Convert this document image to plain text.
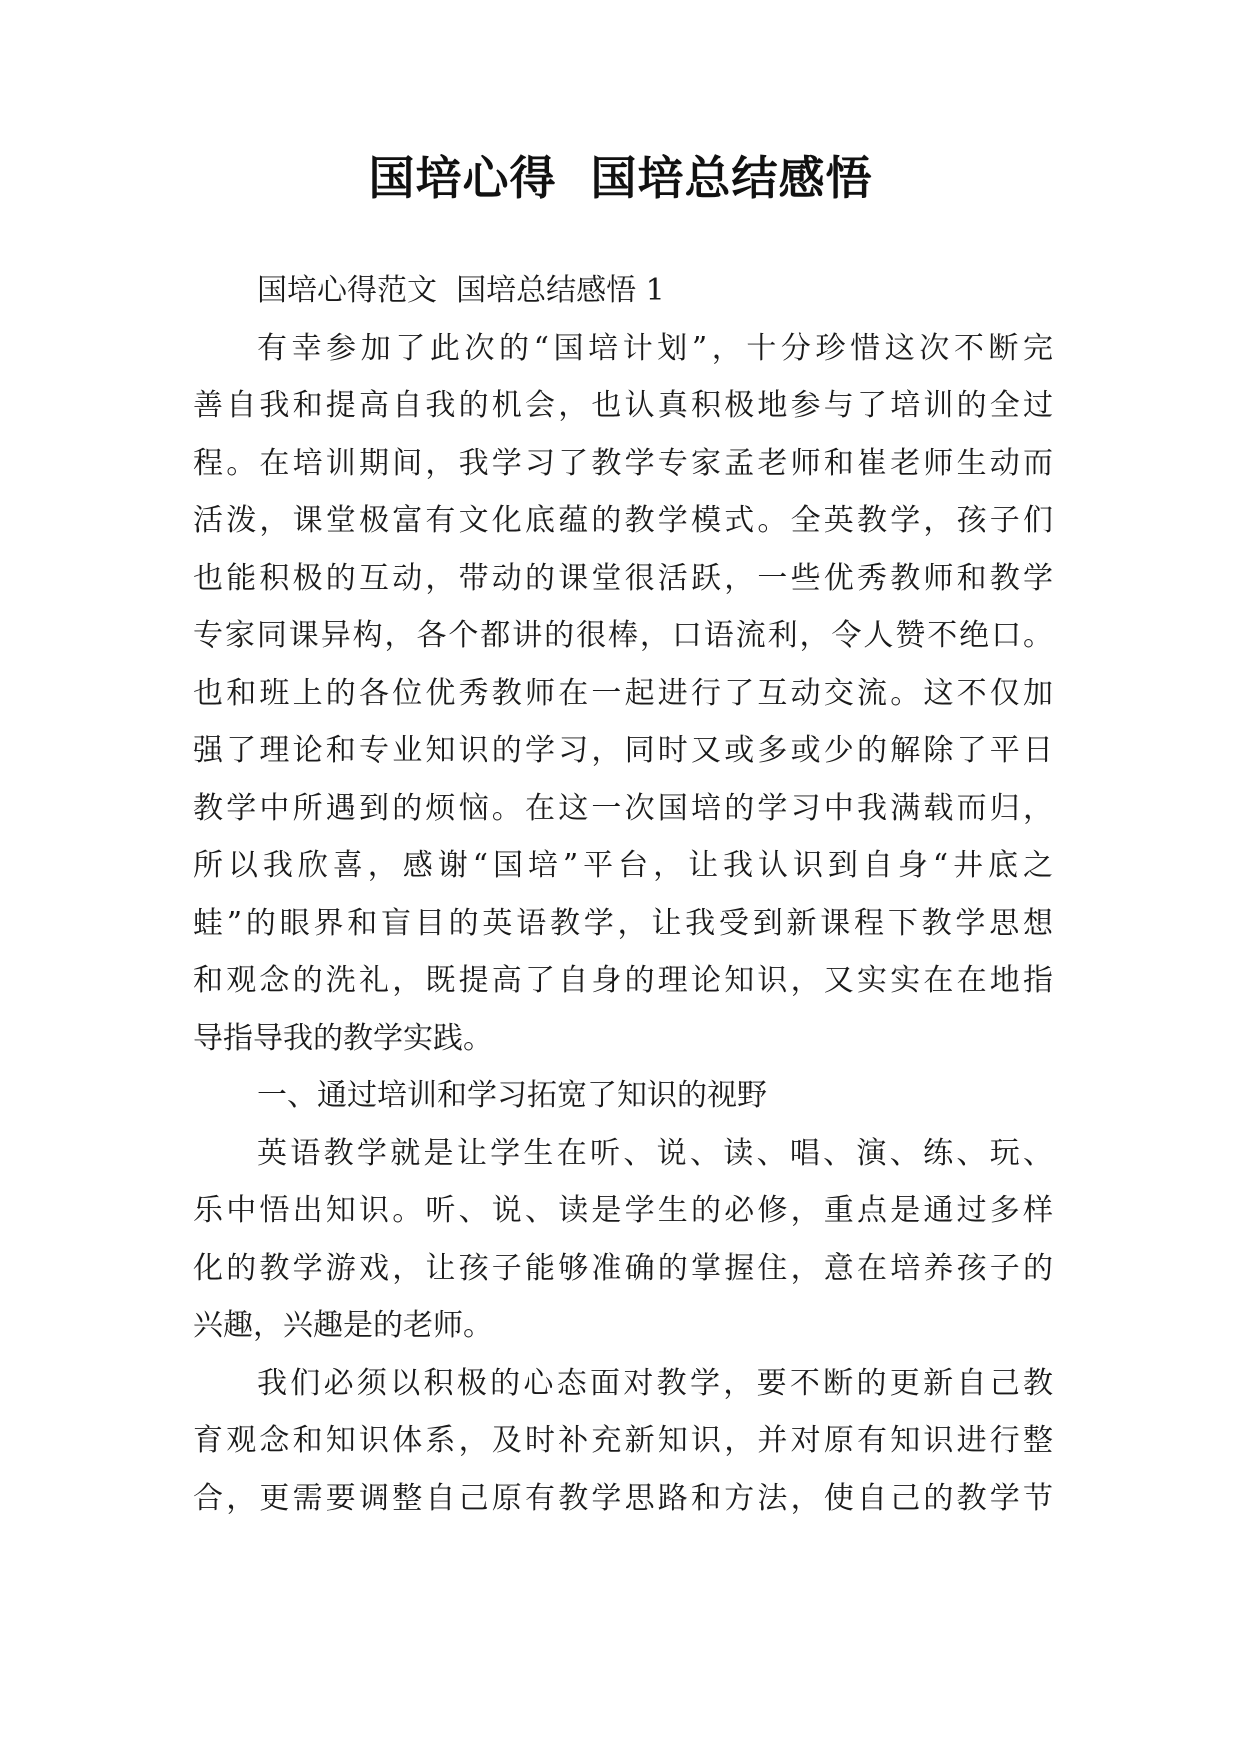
国培心得  国培总结感悟
国培心得范文  国培总结感悟 1
有幸参加了此次的“国培计划”，十分珍惜这次不断完
善自我和提高自我的机会，也认真积极地参与了培训的全过
程。在培训期间，我学习了教学专家孟老师和崔老师生动而
活泼，课堂极富有文化底蕴的教学模式。全英教学，孩子们
也能积极的互动，带动的课堂很活跃，一些优秀教师和教学
专家同课异构，各个都讲的很棒，口语流利，令人赞不绝口。
也和班上的各位优秀教师在一起进行了互动交流。这不仅加
强了理论和专业知识的学习，同时又或多或少的解除了平日
教学中所遇到的烦恼。在这一次国培的学习中我满载而归，
所以我欣喜，感谢“国培”平台，让我认识到自身“井底之
蛙”的眼界和盲目的英语教学，让我受到新课程下教学思想
和观念的洗礼，既提高了自身的理论知识，又实实在在地指
导指导我的教学实践。
一、通过培训和学习拓宽了知识的视野
英语教学就是让学生在听、说、读、唱、演、练、玩、
乐中悟出知识。听、说、读是学生的必修，重点是通过多样
化的教学游戏，让孩子能够准确的掌握住，意在培养孩子的
兴趣，兴趣是的老师。
我们必须以积极的心态面对教学，要不断的更新自己教
育观念和知识体系，及时补充新知识，并对原有知识进行整
合，更需要调整自己原有教学思路和方法，使自己的教学节
